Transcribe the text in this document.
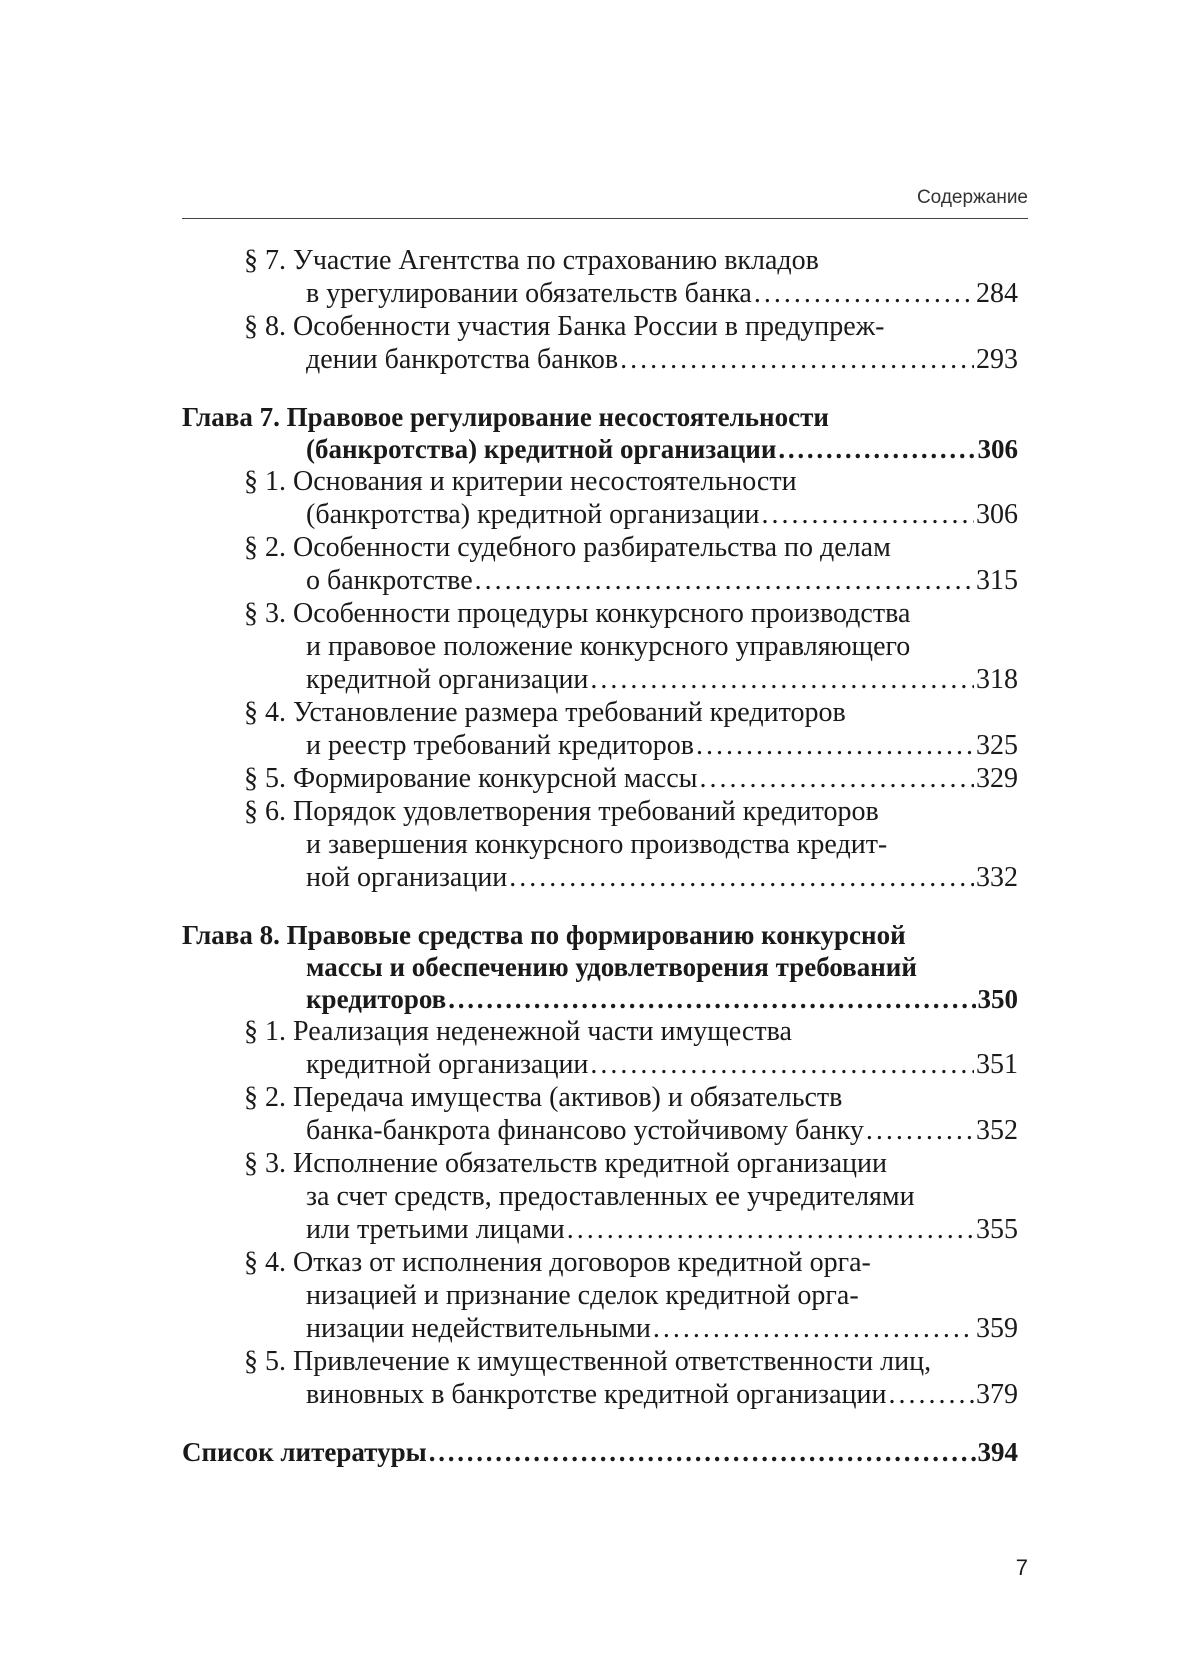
Содержание
§ 7. Участие Агентства по страхованию вкладов
в урегулировании обязательств банка . . .	284
§ 8. Особенности участия Банка России в предупреж-
дении банкротства банков . . .	293
Глава 7. Правовое регулирование несостоятельности
(банкротства) кредитной организации . . .	306
§ 1. Основания и критерии несостоятельности
(банкротства) кредитной организации . . .	306
§ 2. Особенности судебного разбирательства по делам
о банкротстве . . .	315
§ 3. Особенности процедуры конкурсного производства
и правовое положение конкурсного управляющего
кредитной организации . . .	318
§ 4. Установление размера требований кредиторов
и реестр требований кредиторов . . .	325
§ 5. Формирование конкурсной массы . . .	329
§ 6. Порядок удовлетворения требований кредиторов
и завершения конкурсного производства кредит-
ной организации . . .	332
Глава 8. Правовые средства по формированию конкурсной
массы и обеспечению удовлетворения требований
кредиторов . . .	350
§ 1. Реализация неденежной части имущества
кредитной организации . . .	351
§ 2. Передача имущества (активов) и обязательств
банка-банкрота финансово устойчивому банку . . .	352
§ 3. Исполнение обязательств кредитной организации
за счет средств, предоставленных ее учредителями
или третьими лицами . . .	355
§ 4. Отказ от исполнения договоров кредитной орга-
низацией и признание сделок кредитной орга-
низации недействительными . . .	359
§ 5. Привлечение к имущественной ответственности лиц,
виновных в банкротстве кредитной организации . . .	379
Список литературы . . .	394
7
